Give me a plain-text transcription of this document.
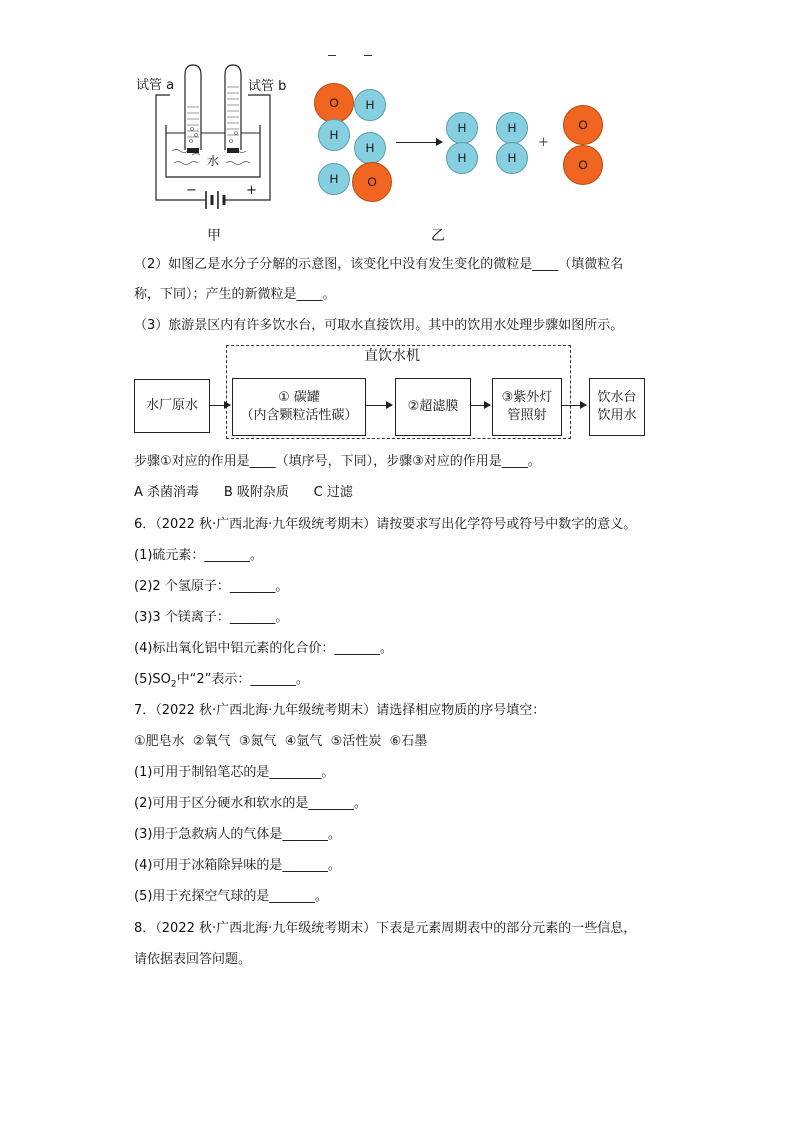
试管 a	试管 b
水
−	+
甲
O	H
H
H
H	O
H
H
H
H
+
O
O
乙
（2）如图乙是水分子分解的示意图，该变化中没有发生变化的微粒是____（填微粒名
称，下同）；产生的新微粒是____。
（3）旅游景区内有许多饮水台，可取水直接饮用。其中的饮用水处理步骤如图所示。
直饮水机
水厂原水
① 碳罐
（内含颗粒活性碳）
②超滤膜
③紫外灯
管照射
饮水台
饮用水
步骤①对应的作用是____（填序号，下同），步骤③对应的作用是____。
A 杀菌消毒      B 吸附杂质      C 过滤
6．（2022 秋·广西北海·九年级统考期末）请按要求写出化学符号或符号中数字的意义。
(1)硫元素：_______。
(2)2 个氢原子：_______。
(3)3 个镁离子：_______。
(4)标出氧化铝中铝元素的化合价：_______。
$(5)SO_2$中“2”表示：_______。
7．（2022 秋·广西北海·九年级统考期末）请选择相应物质的序号填空：
①肥皂水  ②氧气  ③氮气  ④氩气  ⑤活性炭  ⑥石墨
(1)可用于制铅笔芯的是________。
(2)可用于区分硬水和软水的是_______。
(3)用于急救病人的气体是_______。
(4)可用于冰箱除异味的是_______。
(5)用于充探空气球的是_______。
8．（2022 秋·广西北海·九年级统考期末）下表是元素周期表中的部分元素的一些信息，
请依据表回答问题。
